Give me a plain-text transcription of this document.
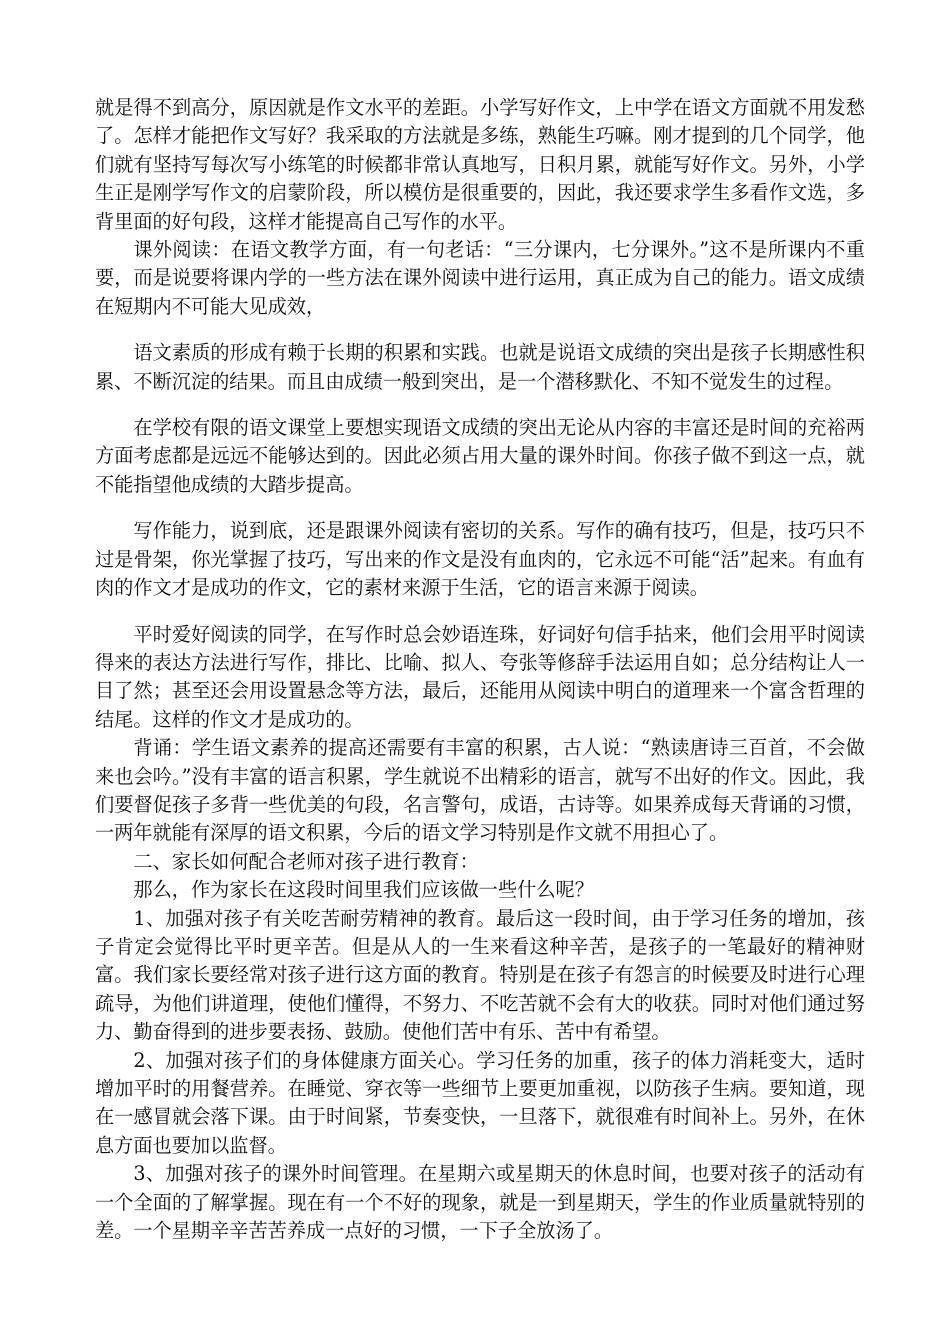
就是得不到高分，原因就是作文水平的差距。小学写好作文，上中学在语文方面就不用发愁了。怎样才能把作文写好？我采取的方法就是多练，熟能生巧嘛。刚才提到的几个同学，他们就有坚持写每次写小练笔的时候都非常认真地写，日积月累，就能写好作文。另外，小学生正是刚学写作文的启蒙阶段，所以模仿是很重要的，因此，我还要求学生多看作文选，多背里面的好句段，这样才能提高自己写作的水平。

课外阅读：在语文教学方面，有一句老话：“三分课内，七分课外。”这不是所课内不重要，而是说要将课内学的一些方法在课外阅读中进行运用，真正成为自己的能力。语文成绩在短期内不可能大见成效，

语文素质的形成有赖于长期的积累和实践。也就是说语文成绩的突出是孩子长期感性积累、不断沉淀的结果。而且由成绩一般到突出，是一个潜移默化、不知不觉发生的过程。

在学校有限的语文课堂上要想实现语文成绩的突出无论从内容的丰富还是时间的充裕两方面考虑都是远远不能够达到的。因此必须占用大量的课外时间。你孩子做不到这一点，就不能指望他成绩的大踏步提高。

写作能力，说到底，还是跟课外阅读有密切的关系。写作的确有技巧，但是，技巧只不过是骨架，你光掌握了技巧，写出来的作文是没有血肉的，它永远不可能“活”起来。有血有肉的作文才是成功的作文，它的素材来源于生活，它的语言来源于阅读。

平时爱好阅读的同学，在写作时总会妙语连珠，好词好句信手拈来，他们会用平时阅读得来的表达方法进行写作，排比、比喻、拟人、夸张等修辞手法运用自如；总分结构让人一目了然；甚至还会用设置悬念等方法，最后，还能用从阅读中明白的道理来一个富含哲理的结尾。这样的作文才是成功的。

背诵：学生语文素养的提高还需要有丰富的积累，古人说：“熟读唐诗三百首，不会做来也会吟。”没有丰富的语言积累，学生就说不出精彩的语言，就写不出好的作文。因此，我们要督促孩子多背一些优美的句段，名言警句，成语，古诗等。如果养成每天背诵的习惯，一两年就能有深厚的语文积累，今后的语文学习特别是作文就不用担心了。

二、家长如何配合老师对孩子进行教育：

那么，作为家长在这段时间里我们应该做一些什么呢？

1、加强对孩子有关吃苦耐劳精神的教育。最后这一段时间，由于学习任务的增加，孩子肯定会觉得比平时更辛苦。但是从人的一生来看这种辛苦，是孩子的一笔最好的精神财富。我们家长要经常对孩子进行这方面的教育。特别是在孩子有怨言的时候要及时进行心理疏导，为他们讲道理，使他们懂得，不努力、不吃苦就不会有大的收获。同时对他们通过努力、勤奋得到的进步要表扬、鼓励。使他们苦中有乐、苦中有希望。

2、加强对孩子们的身体健康方面关心。学习任务的加重，孩子的体力消耗变大，适时增加平时的用餐营养。在睡觉、穿衣等一些细节上要更加重视，以防孩子生病。要知道，现在一感冒就会落下课。由于时间紧，节奏变快，一旦落下，就很难有时间补上。另外，在休息方面也要加以监督。

3、加强对孩子的课外时间管理。在星期六或星期天的休息时间，也要对孩子的活动有一个全面的了解掌握。现在有一个不好的现象，就是一到星期天，学生的作业质量就特别的差。一个星期辛辛苦苦养成一点好的习惯，一下子全放汤了。
